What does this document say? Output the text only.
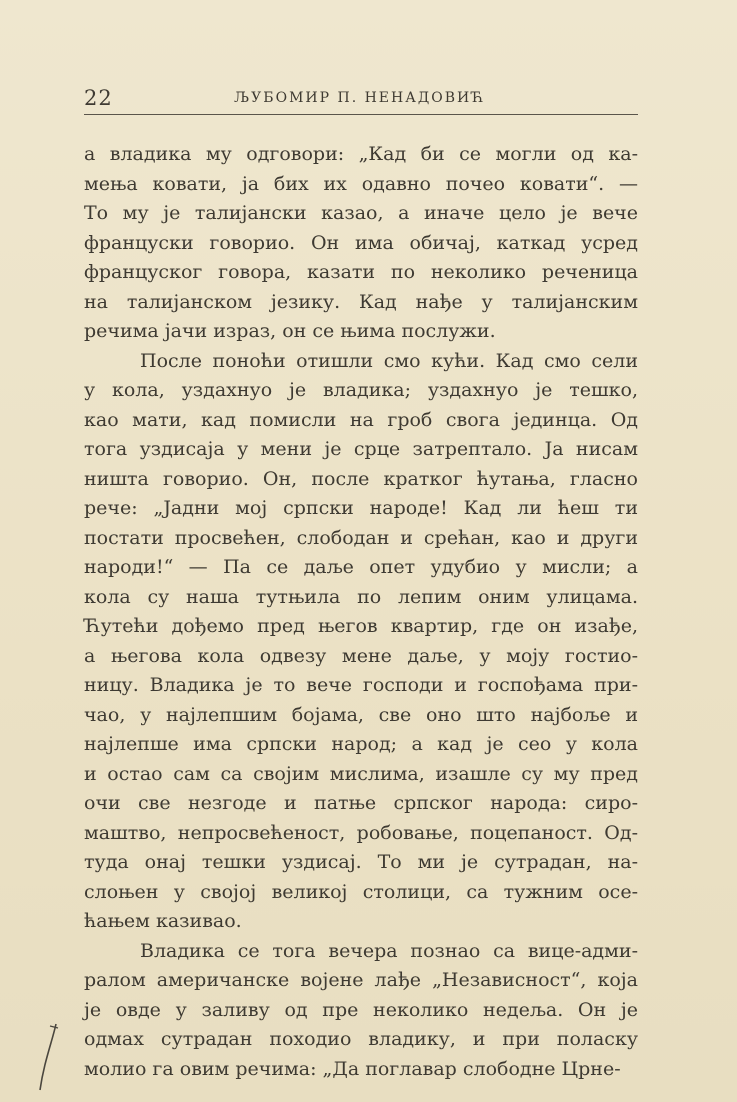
22	ЉУБОМИР П. НЕНАДОВИЋ
а владика му одговори: „Кад би се могли од ка-
мења ковати, ја бих их одавно почео ковати“. —
То му је талијански казао, а иначе цело је вече
француски говорио. Он има обичај, каткад усред
француског говора, казати по неколико реченица
на талијанском језику. Кад нађе у талијанским
речима јачи израз, он се њима послужи.
После поноћи отишли смо кући. Кад смо сели
у кола, уздахнуо је владика; уздахнуо је тешко,
као мати, кад помисли на гроб свога јединца. Од
тога уздисаја у мени је срце затрептало. Ја нисам
ништа говорио. Он, после кратког ћутања, гласно
рече: „Јадни мој српски народе! Кад ли ћеш ти
постати просвећен, слободан и срећан, као и други
народи!“ — Па се даље опет удубио у мисли; а
кола су наша тутњила по лепим оним улицама.
Ћутећи дођемо пред његов квартир, где он изађе,
а његова кола одвезу мене даље, у моју гостио-
ницу. Владика је то вече господи и госпођама при-
чао, у најлепшим бојама, све оно што најбоље и
најлепше има српски народ; а кад је сео у кола
и остао сам са својим мислима, изашле су му пред
очи све незгоде и патње српског народа: сиро-
маштво, непросвећеност, робовање, поцепаност. Од-
туда онај тешки уздисај. То ми је сутрадан, на-
слоњен у својој великој столици, са тужним осе-
ћањем казивао.
Владика се тога вечера познао са вице-адми-
ралом америчанске војене лађе „Независност“, која
је овде у заливу од пре неколико недеља. Он је
одмах сутрадан походио владику, и при поласку
молио га овим речима: „Да поглавар слободне Црне-
